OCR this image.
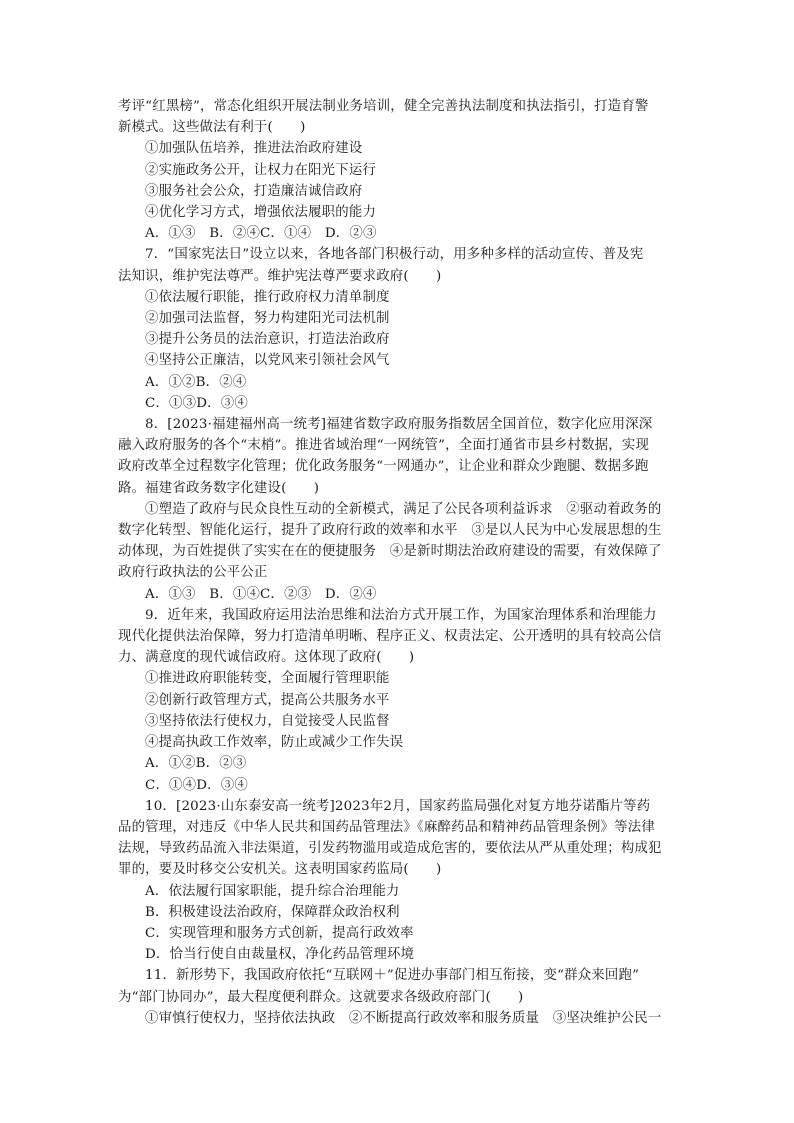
考评“红黑榜”，常态化组织开展法制业务培训，健全完善执法制度和执法指引，打造育警

新模式。这些做法有利于(　　)

①加强队伍培养，推进法治政府建设

②实施政务公开，让权力在阳光下运行

③服务社会公众，打造廉洁诚信政府

④优化学习方式，增强依法履职的能力

A．①③　B．②④C．①④　D．②③

7．“国家宪法日”设立以来，各地各部门积极行动，用多种多样的活动宣传、普及宪

法知识，维护宪法尊严。维护宪法尊严要求政府(　　)

①依法履行职能，推行政府权力清单制度

②加强司法监督，努力构建阳光司法机制

③提升公务员的法治意识，打造法治政府

④坚持公正廉洁，以党风来引领社会风气

A．①②B．②④

C．①③D．③④

8．[2023·福建福州高一统考]福建省数字政府服务指数居全国首位，数字化应用深深

融入政府服务的各个“末梢”。推进省域治理“一网统管”，全面打通省市县乡村数据，实现

政府改革全过程数字化管理；优化政务服务“一网通办”，让企业和群众少跑腿、数据多跑

路。福建省政务数字化建设(　　)

①塑造了政府与民众良性互动的全新模式，满足了公民各项利益诉求　②驱动着政务的

数字化转型、智能化运行，提升了政府行政的效率和水平　③是以人民为中心发展思想的生

动体现，为百姓提供了实实在在的便捷服务　④是新时期法治政府建设的需要，有效保障了

政府行政执法的公平公正

A．①③　B．①④C．②③　D．②④

9．近年来，我国政府运用法治思维和法治方式开展工作，为国家治理体系和治理能力

现代化提供法治保障，努力打造清单明晰、程序正义、权责法定、公开透明的具有较高公信

力、满意度的现代诚信政府。这体现了政府(　　)

①推进政府职能转变，全面履行管理职能

②创新行政管理方式，提高公共服务水平

③坚持依法行使权力，自觉接受人民监督

④提高执政工作效率，防止或减少工作失误

A．①②B．②③

C．①④D．③④

10．[2023·山东泰安高一统考]2023年2月，国家药监局强化对复方地芬诺酯片等药

品的管理，对违反《中华人民共和国药品管理法》《麻醉药品和精神药品管理条例》等法律

法规，导致药品流入非法渠道，引发药物滥用或造成危害的，要依法从严从重处理；构成犯

罪的，要及时移交公安机关。这表明国家药监局(　　)

A．依法履行国家职能，提升综合治理能力

B．积极建设法治政府，保障群众政治权利

C．实现管理和服务方式创新，提高行政效率

D．恰当行使自由裁量权，净化药品管理环境

11．新形势下，我国政府依托“互联网＋”促进办事部门相互衔接，变“群众来回跑”

为“部门协同办”，最大程度便利群众。这就要求各级政府部门(　　)

①审慎行使权力，坚持依法执政　②不断提高行政效率和服务质量　③坚决维护公民一
